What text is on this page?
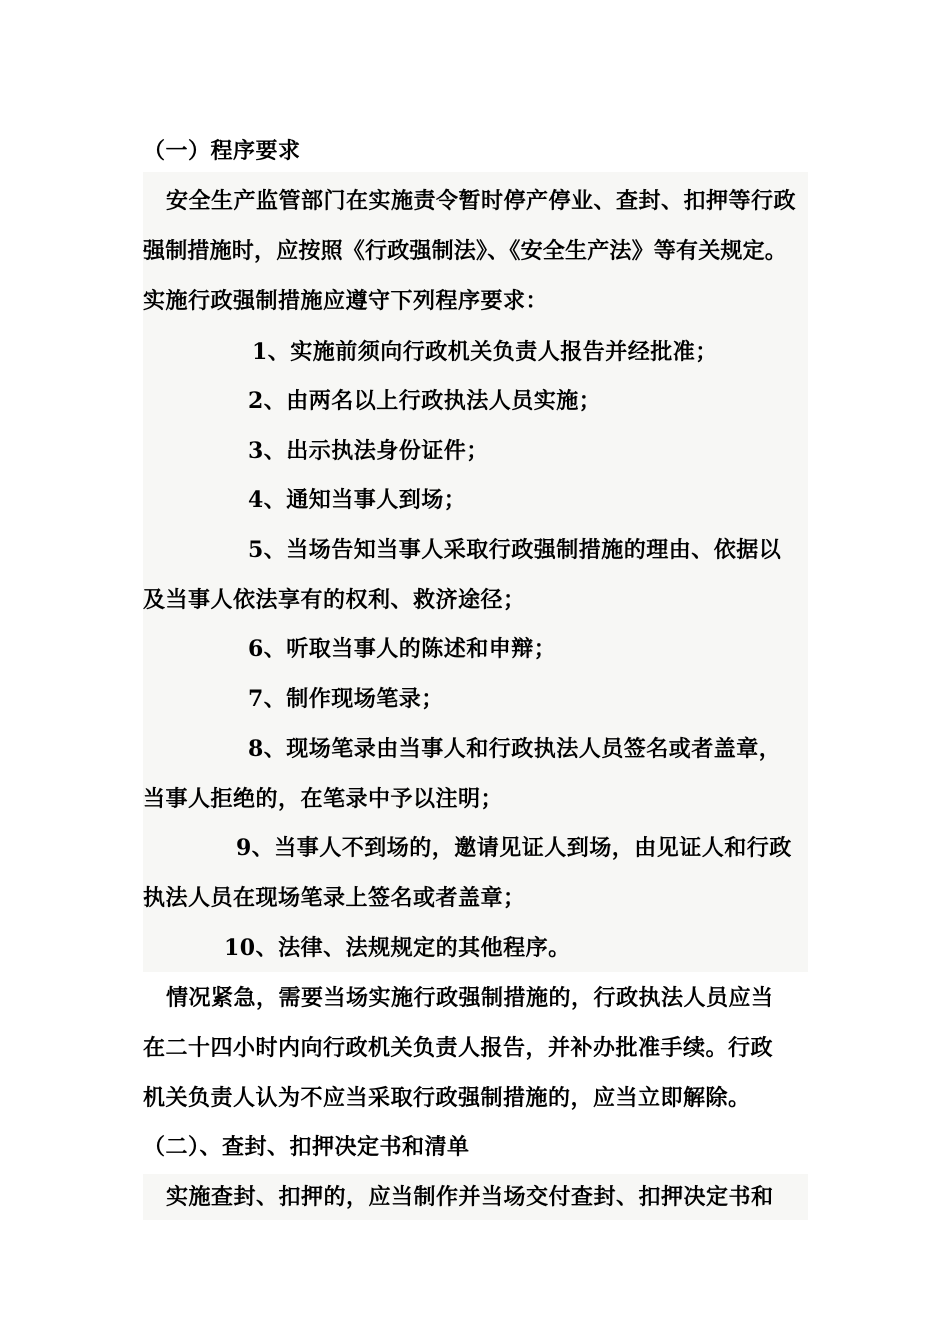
（一）程序要求
安全生产监管部门在实施责令暂时停产停业、查封、扣押等行政
强制措施时，应按照《行政强制法》、《安全生产法》等有关规定。
实施行政强制措施应遵守下列程序要求：
1、实施前须向行政机关负责人报告并经批准；
2、由两名以上行政执法人员实施；
3、出示执法身份证件；
4、通知当事人到场；
5、当场告知当事人采取行政强制措施的理由、依据以
及当事人依法享有的权利、救济途径；
6、听取当事人的陈述和申辩；
7、制作现场笔录；
8、现场笔录由当事人和行政执法人员签名或者盖章，
当事人拒绝的，在笔录中予以注明；
9、当事人不到场的，邀请见证人到场，由见证人和行政
执法人员在现场笔录上签名或者盖章；
10、法律、法规规定的其他程序。
情况紧急，需要当场实施行政强制措施的，行政执法人员应当
在二十四小时内向行政机关负责人报告，并补办批准手续。行政
机关负责人认为不应当采取行政强制措施的，应当立即解除。
（二）、查封、扣押决定书和清单
实施查封、扣押的，应当制作并当场交付查封、扣押决定书和
